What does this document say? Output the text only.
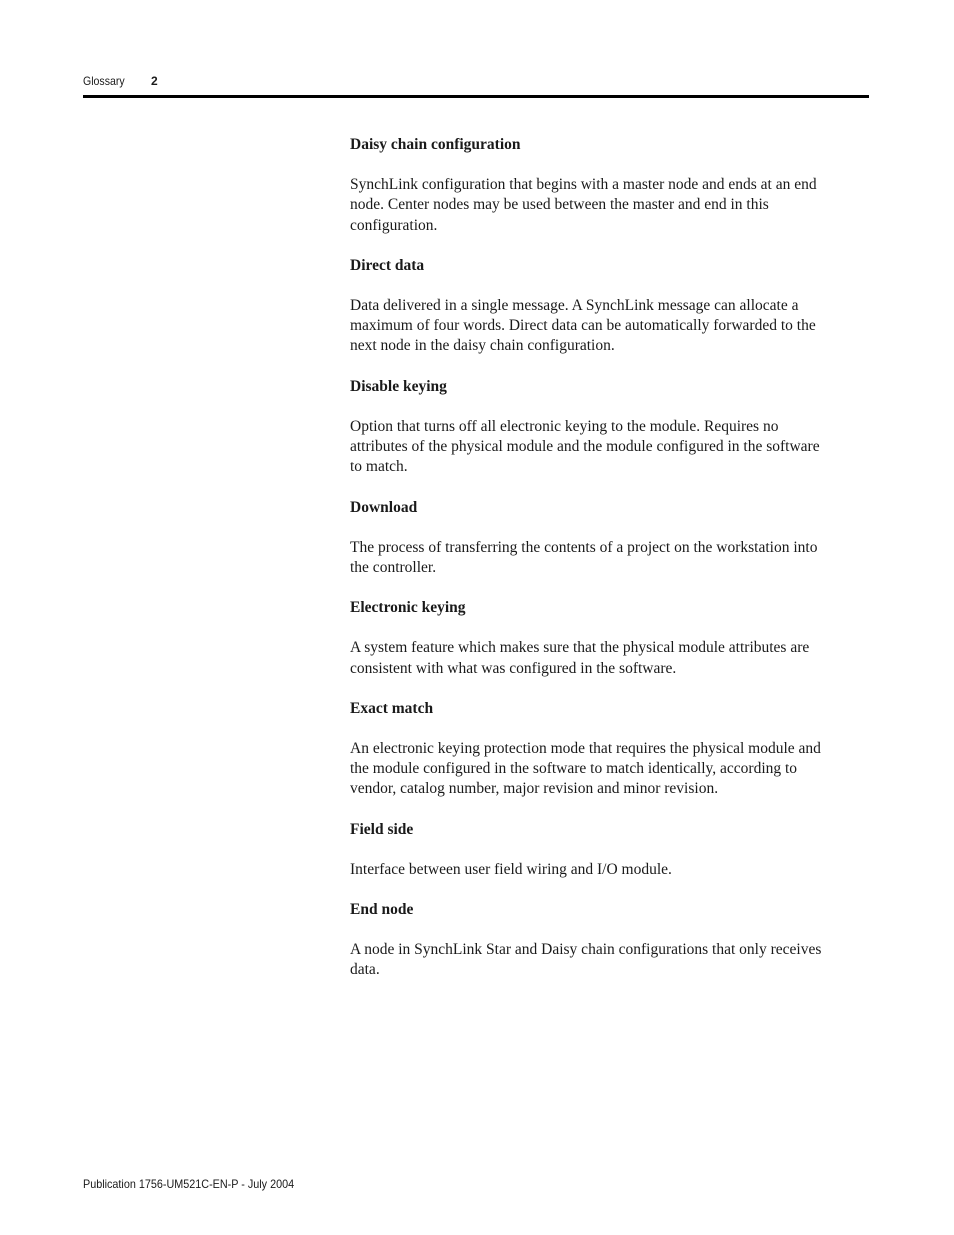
Glossary 2

Daisy chain configuration

SynchLink configuration that begins with a master node and ends at an end node. Center nodes may be used between the master and end in this configuration.

Direct data

Data delivered in a single message. A SynchLink message can allocate a maximum of four words. Direct data can be automatically forwarded to the next node in the daisy chain configuration.

Disable keying

Option that turns off all electronic keying to the module. Requires no attributes of the physical module and the module configured in the software to match.

Download

The process of transferring the contents of a project on the workstation into the controller.

Electronic keying

A system feature which makes sure that the physical module attributes are consistent with what was configured in the software.

Exact match

An electronic keying protection mode that requires the physical module and the module configured in the software to match identically, according to vendor, catalog number, major revision and minor revision.

Field side

Interface between user field wiring and I/O module.

End node

A node in SynchLink Star and Daisy chain configurations that only receives data.

Publication 1756-UM521C-EN-P - July 2004
